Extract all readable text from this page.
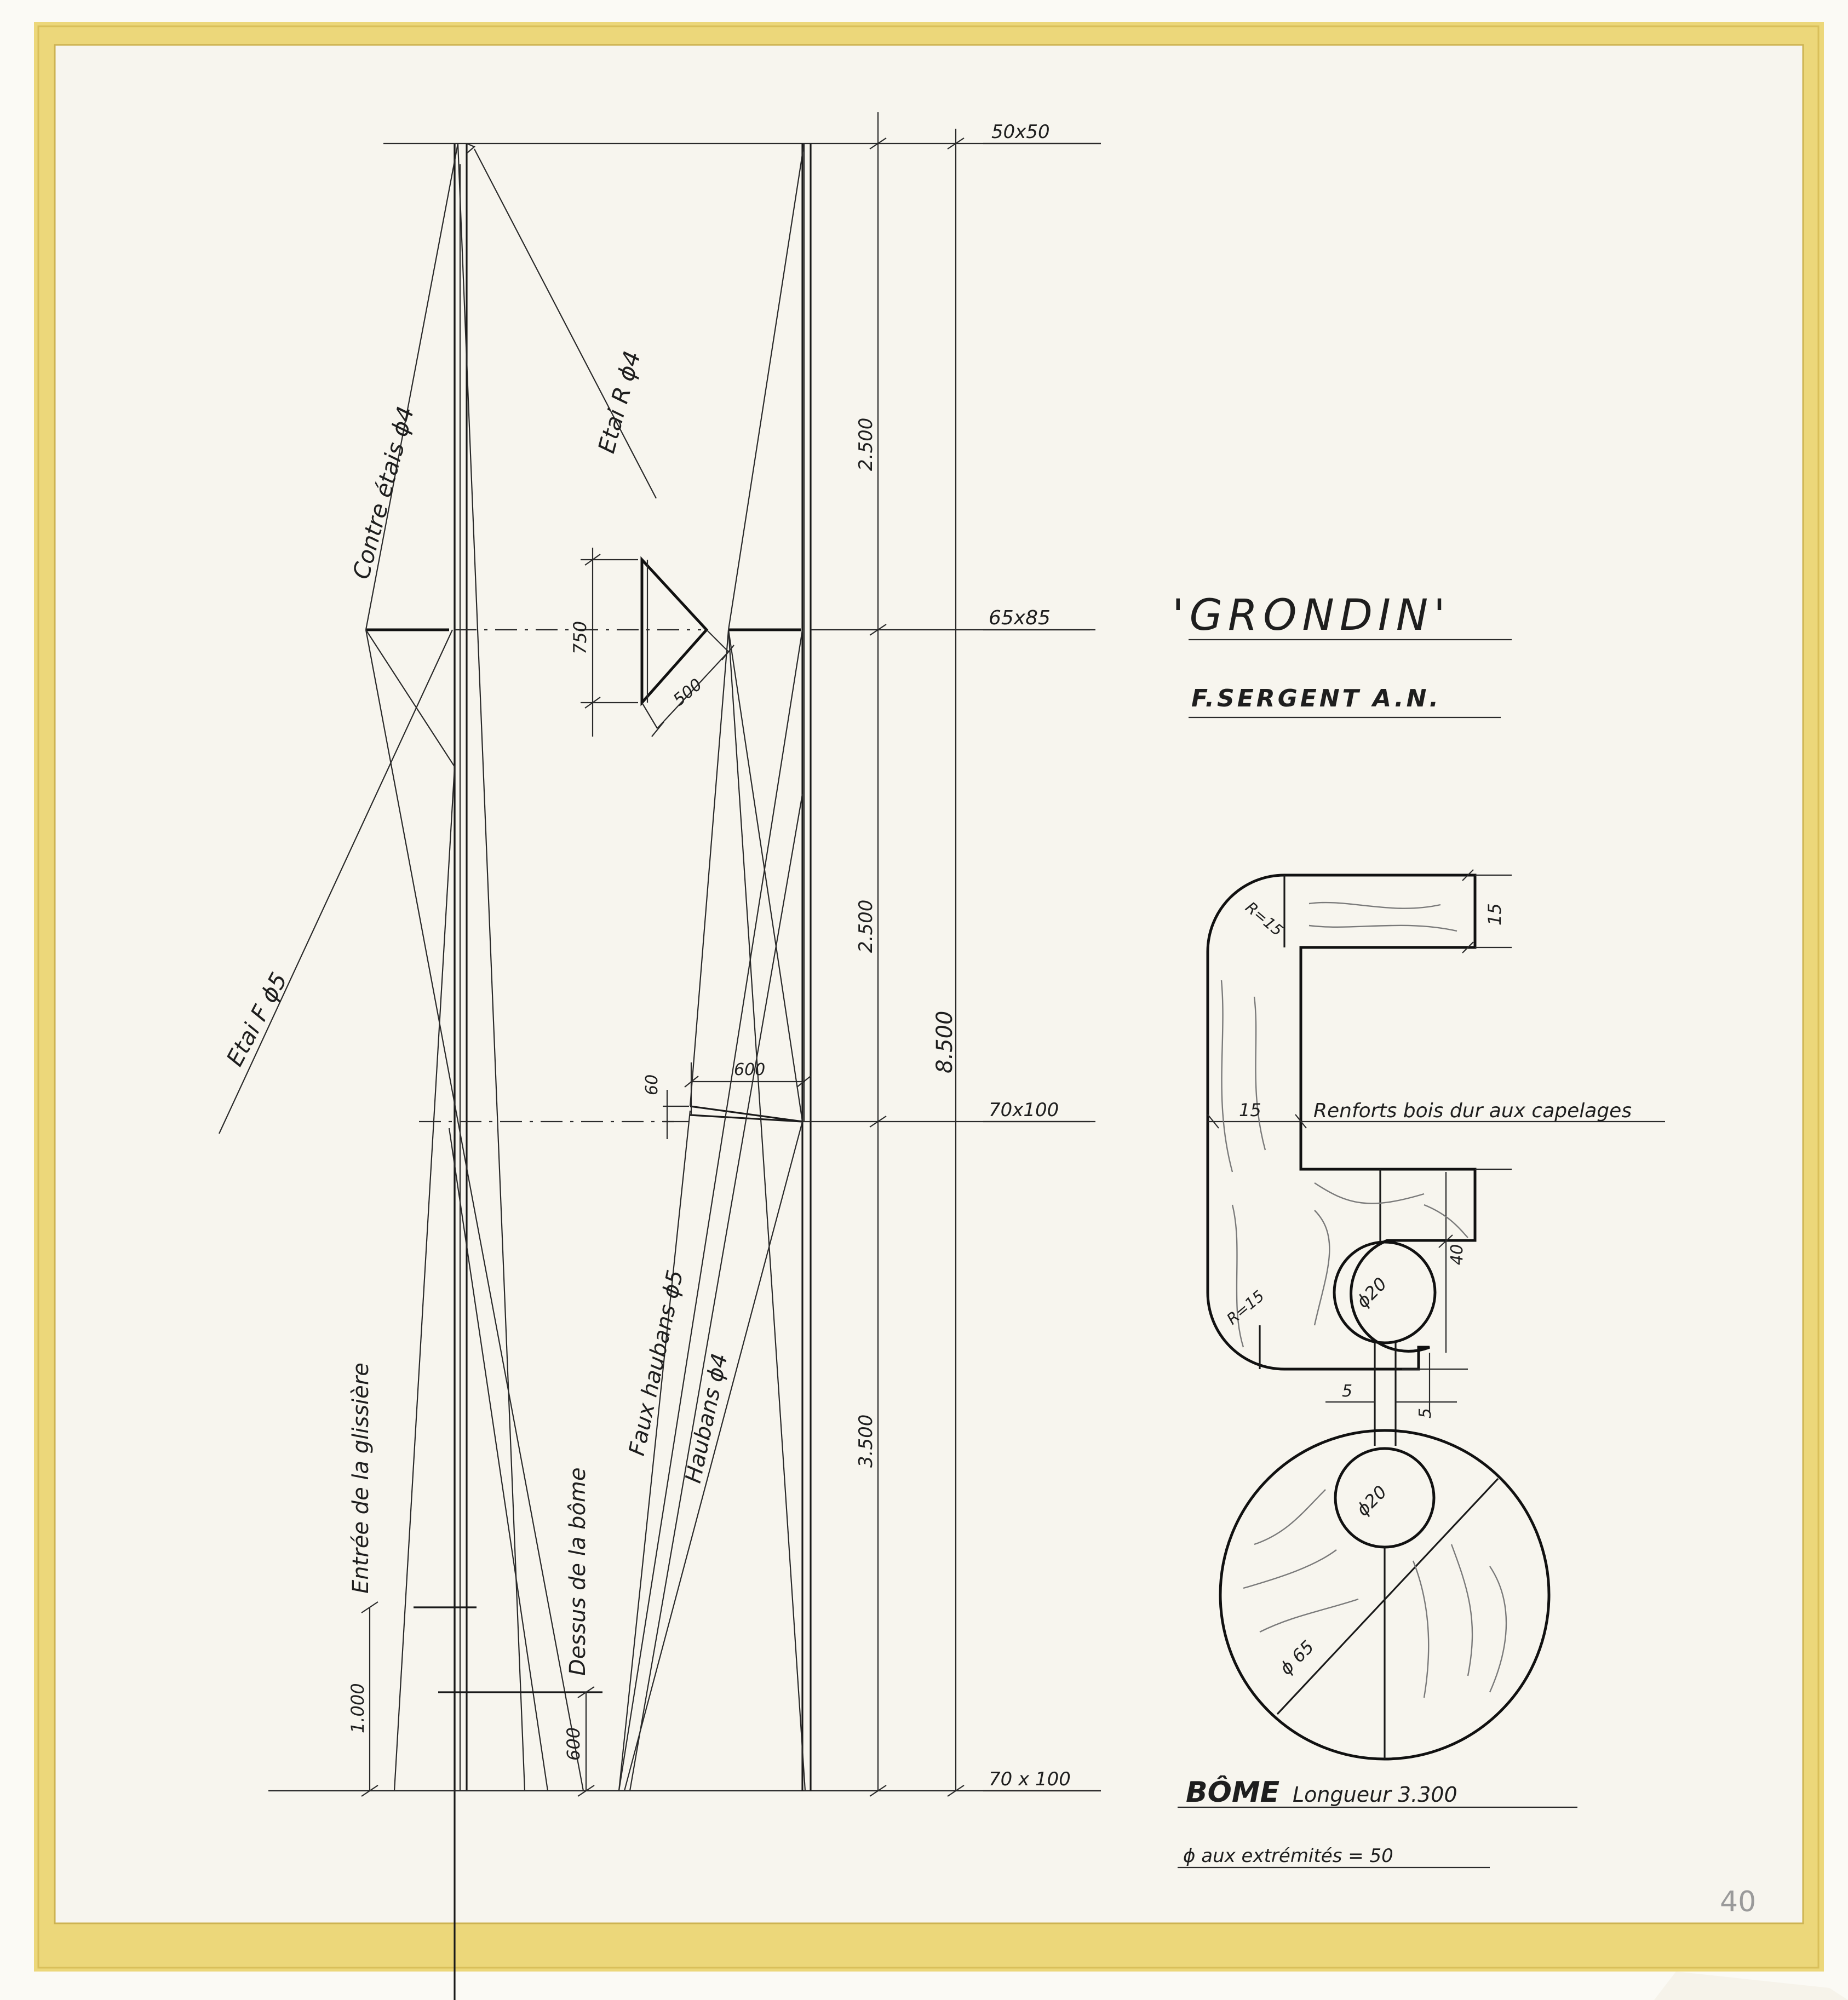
50x50
65x85
70x100
70 x 100
2.500
2.500
3.500
8.500
750
500
600
60
1.000
600
Contre étais ϕ4
Etai R ϕ4
Etai F ϕ5
Faux haubans ϕ5
Haubans ϕ4
Entrée de la glissière	Dessus de la bôme
'GRONDIN'
F.SERGENT A.N.
R=15
R=15
15
15
Renforts bois dur aux capelages
ϕ20
40
5
5
ϕ20
ϕ 65
BÔME Longueur 3.300
ϕ aux extrémités = 50
40
